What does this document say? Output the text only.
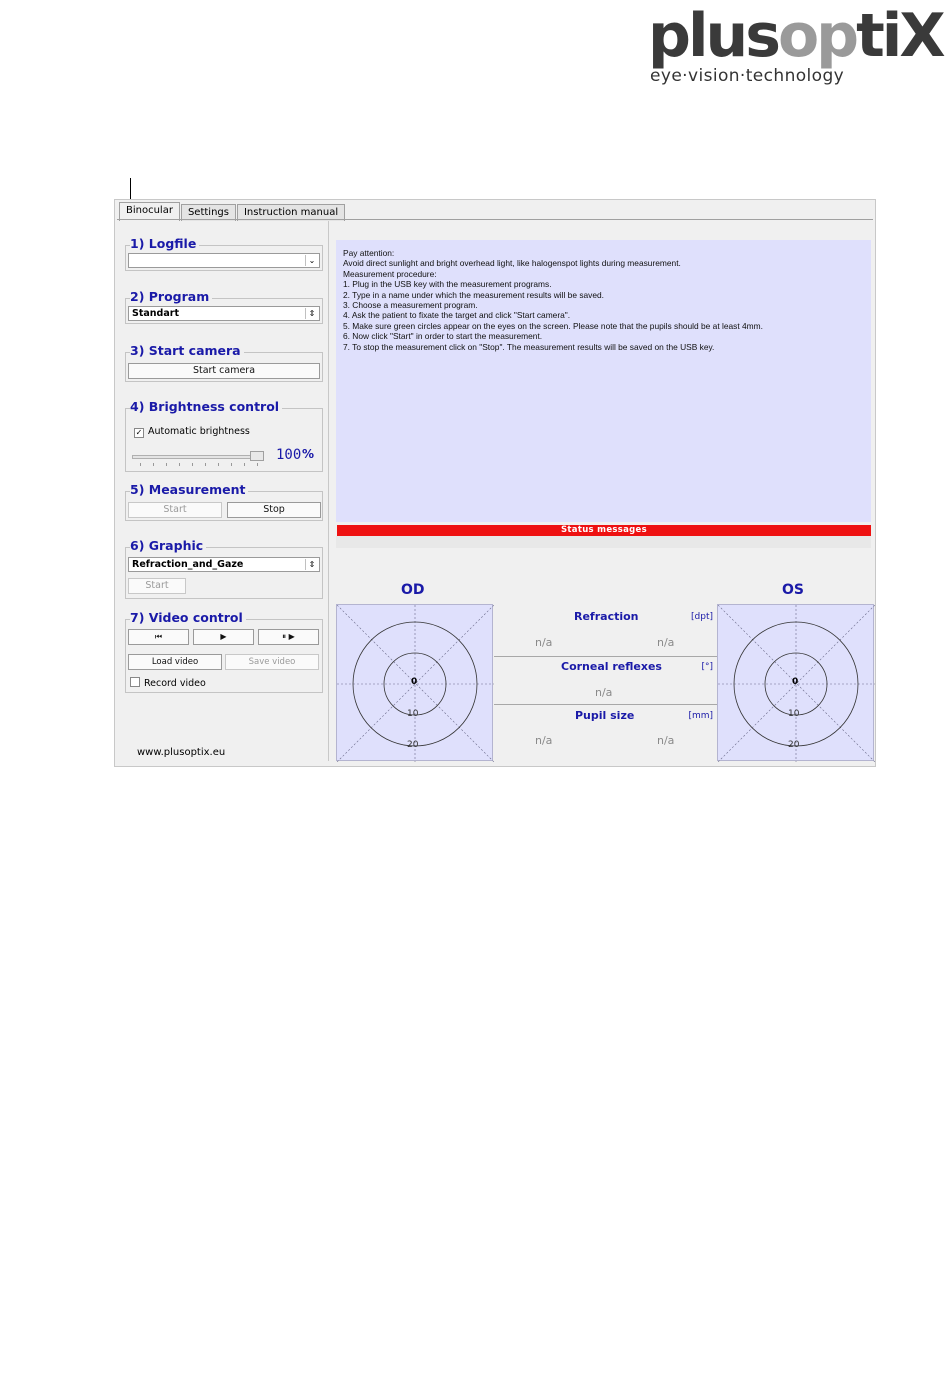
plusoptiX
eye·vision·technology
Binocular	Settings	Instruction manual
1) Logfile
⌄
2) Program
Standart	⇕
3) Start camera
Start camera
4) Brightness control
✓ Automatic brightness
100 %
5) Measurement
Start	Stop
6) Graphic
Refraction_and_Gaze	⇕
Start
7) Video control
⏮	▶	⏸ ▶
Load video	Save video
Record video
www.plusoptix.eu
Pay attention:
Avoid direct sunlight and bright overhead light, like halogenspot lights during measurement.
Measurement procedure:
1. Plug in the USB key with the measurement programs.
2. Type in a name under which the measurement results will be saved.
3. Choose a measurement program.
4. Ask the patient to fixate the target and click "Start camera".
5. Make sure green circles appear on the eyes on the screen. Please note that the pupils should be at least 4mm.
6. Now click "Start" in order to start the measurement.
7. To stop the measurement click on "Stop". The measurement results will be saved on the USB key.
Status messages
OD	OS
0
10
20
Refraction	[dpt]
n/a	n/a
Corneal reflexes	[°]
n/a
Pupil size	[mm]
n/a	n/a
0
10
20
